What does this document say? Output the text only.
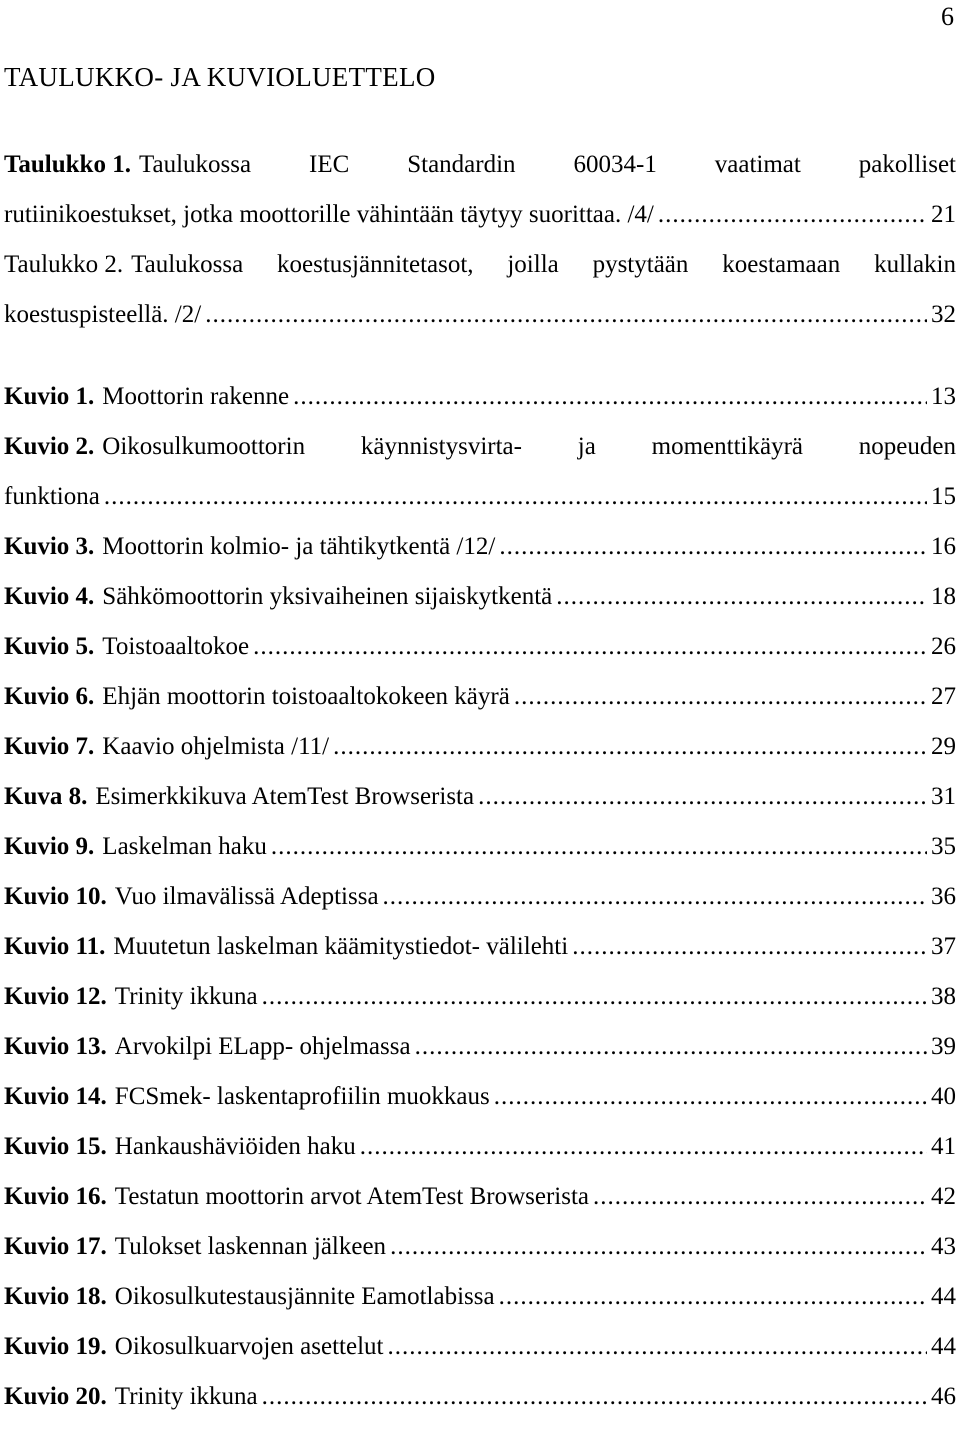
6
TAULUKKO- JA KUVIOLUETTELO
Taulukko 1. Taulukossa IEC Standardin 60034-1 vaatimat pakolliset
rutiinikoestukset, jotka moottorille vähintään täytyy suorittaa. /4/ .....	21
Taulukko 2. Taulukossa koestusjännitetasot, joilla pystytään koestamaan kullakin
koestuspisteellä. /2/ .....	32
Kuvio 1. Moottorin rakenne .....	13
Kuvio 2. Oikosulkumoottorin käynnistysvirta- ja momenttikäyrä nopeuden
funktiona .....	15
Kuvio 3. Moottorin kolmio- ja tähtikytkentä /12/ .....	16
Kuvio 4. Sähkömoottorin yksivaiheinen sijaiskytkentä .....	18
Kuvio 5. Toistoaaltokoe .....	26
Kuvio 6. Ehjän moottorin toistoaaltokokeen käyrä .....	27
Kuvio 7. Kaavio ohjelmista /11/ .....	29
Kuva 8. Esimerkkikuva AtemTest Browserista .....	31
Kuvio 9. Laskelman haku .....	35
Kuvio 10. Vuo ilmavälissä Adeptissa .....	36
Kuvio 11. Muutetun laskelman käämitystiedot- välilehti .....	37
Kuvio 12. Trinity ikkuna .....	38
Kuvio 13. Arvokilpi ELapp- ohjelmassa .....	39
Kuvio 14. FCSmek- laskentaprofiilin muokkaus .....	40
Kuvio 15. Hankaushäviöiden haku .....	41
Kuvio 16. Testatun moottorin arvot AtemTest Browserista .....	42
Kuvio 17. Tulokset laskennan jälkeen .....	43
Kuvio 18. Oikosulkutestausjännite Eamotlabissa .....	44
Kuvio 19. Oikosulkuarvojen asettelut .....	44
Kuvio 20. Trinity ikkuna .....	46
